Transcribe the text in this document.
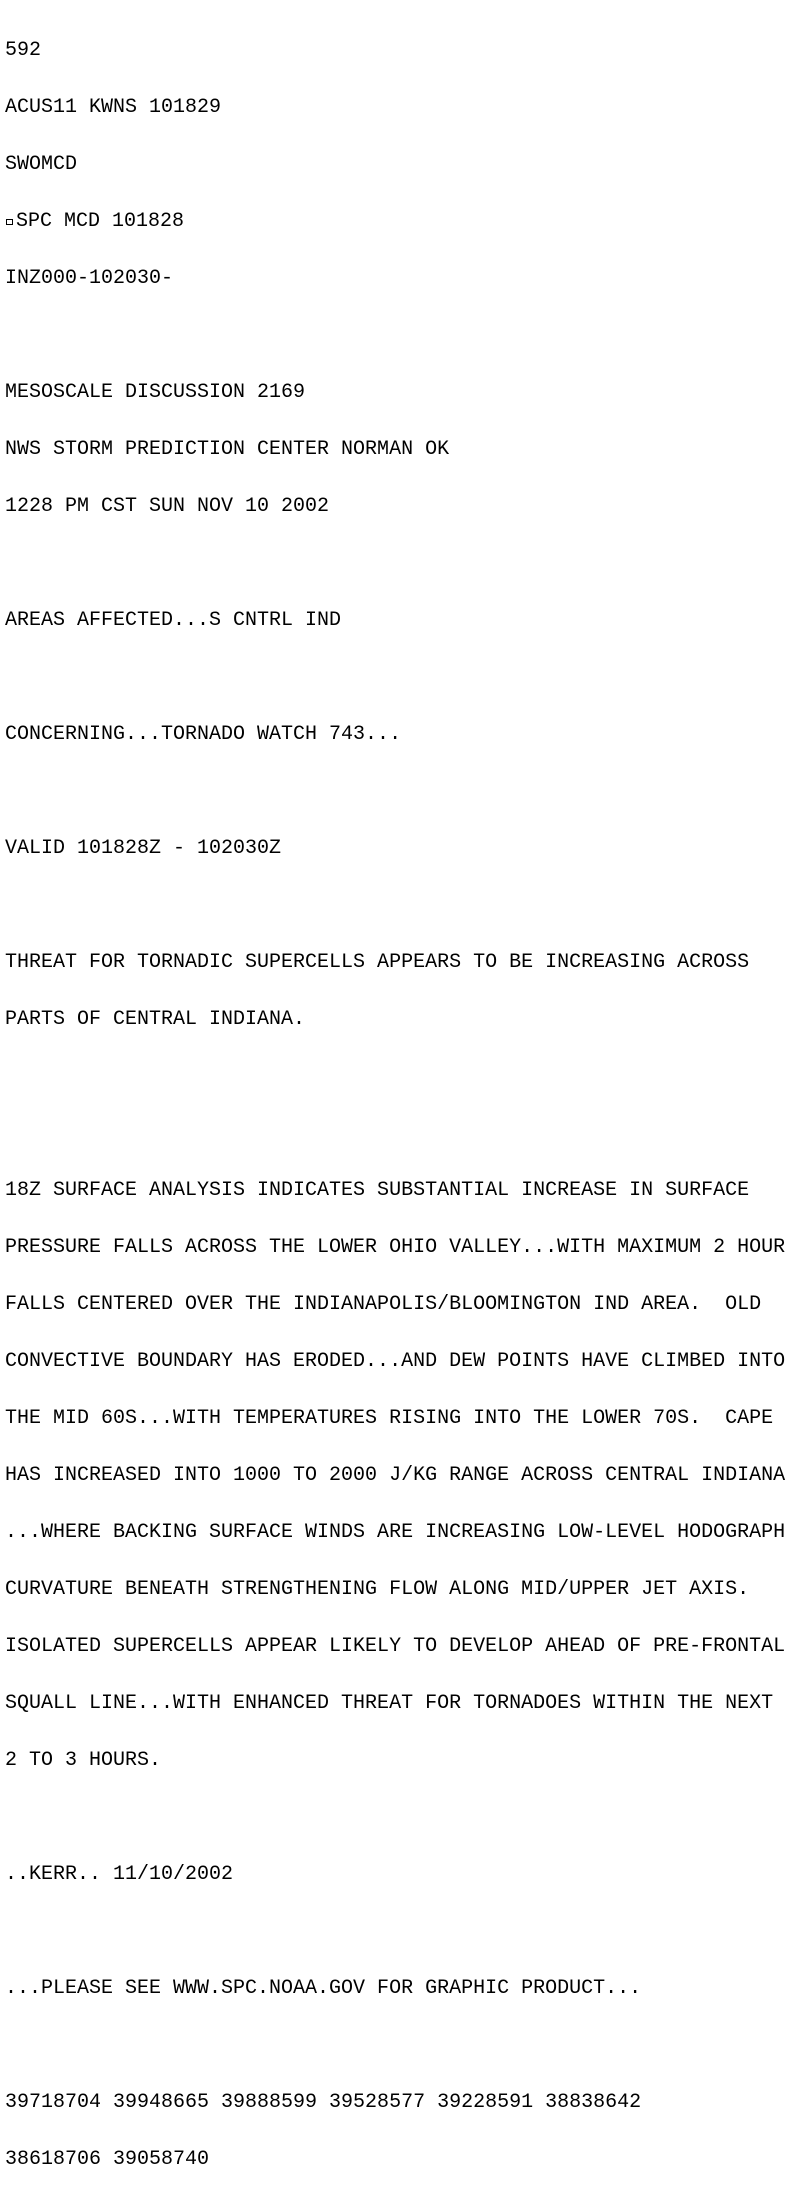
592

ACUS11 KWNS 101829

SWOMCD

SPC MCD 101828

INZ000-102030-

MESOSCALE DISCUSSION 2169

NWS STORM PREDICTION CENTER NORMAN OK

1228 PM CST SUN NOV 10 2002

AREAS AFFECTED...S CNTRL IND

CONCERNING...TORNADO WATCH 743...

VALID 101828Z - 102030Z

THREAT FOR TORNADIC SUPERCELLS APPEARS TO BE INCREASING ACROSS

PARTS OF CENTRAL INDIANA.

18Z SURFACE ANALYSIS INDICATES SUBSTANTIAL INCREASE IN SURFACE

PRESSURE FALLS ACROSS THE LOWER OHIO VALLEY...WITH MAXIMUM 2 HOUR

FALLS CENTERED OVER THE INDIANAPOLIS/BLOOMINGTON IND AREA.  OLD

CONVECTIVE BOUNDARY HAS ERODED...AND DEW POINTS HAVE CLIMBED INTO

THE MID 60S...WITH TEMPERATURES RISING INTO THE LOWER 70S.  CAPE

HAS INCREASED INTO 1000 TO 2000 J/KG RANGE ACROSS CENTRAL INDIANA

...WHERE BACKING SURFACE WINDS ARE INCREASING LOW-LEVEL HODOGRAPH

CURVATURE BENEATH STRENGTHENING FLOW ALONG MID/UPPER JET AXIS.

ISOLATED SUPERCELLS APPEAR LIKELY TO DEVELOP AHEAD OF PRE-FRONTAL

SQUALL LINE...WITH ENHANCED THREAT FOR TORNADOES WITHIN THE NEXT

2 TO 3 HOURS.

..KERR.. 11/10/2002

...PLEASE SEE WWW.SPC.NOAA.GOV FOR GRAPHIC PRODUCT...

39718704 39948665 39888599 39528577 39228591 38838642

38618706 39058740
